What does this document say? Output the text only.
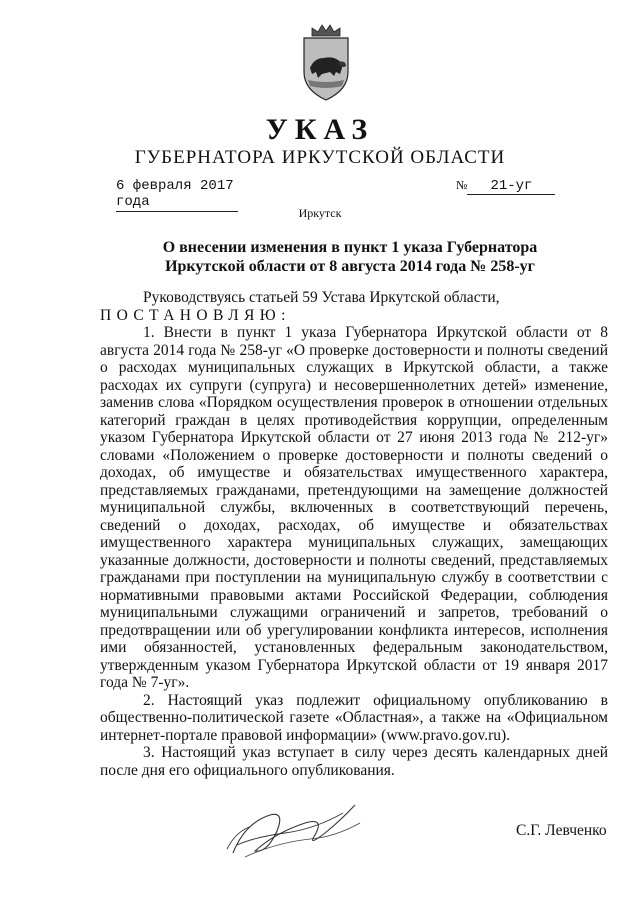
УКАЗ
ГУБЕРНАТОРА ИРКУТСКОЙ ОБЛАСТИ
6 февраля 2017 года
№ 21-уг
Иркутск
О внесении изменения в пункт 1 указа Губернатора Иркутской области от 8 августа 2014 года № 258-уг

Руководствуясь статьей 59 Устава Иркутской области,

ПОСТАНОВЛЯЮ:

1. Внести в пункт 1 указа Губернатора Иркутской области от 8 августа 2014 года № 258-уг «О проверке достоверности и полноты сведений о расходах муниципальных служащих в Иркутской области, а также расходах их супруги (супруга) и несовершеннолетних детей» изменение, заменив слова «Порядком осуществления проверок в отношении отдельных категорий граждан в целях противодействия коррупции, определенным указом Губернатора Иркутской области от 27 июня 2013 года № 212-уг» словами «Положением о проверке достоверности и полноты сведений о доходах, об имуществе и обязательствах имущественного характера, представляемых гражданами, претендующими на замещение должностей муниципальной службы, включенных в соответствующий перечень, сведений о доходах, расходах, об имуществе и обязательствах имущественного характера муниципальных служащих, замещающих указанные должности, достоверности и полноты сведений, представляемых гражданами при поступлении на муниципальную службу в соответствии с нормативными правовыми актами Российской Федерации, соблюдения муниципальными служащими ограничений и запретов, требований о предотвращении или об урегулировании конфликта интересов, исполнения ими обязанностей, установленных федеральным законодательством, утвержденным указом Губернатора Иркутской области от 19 января 2017 года № 7-уг».

2. Настоящий указ подлежит официальному опубликованию в общественно-политической газете «Областная», а также на «Официальном интернет-портале правовой информации» (www.pravo.gov.ru).

3. Настоящий указ вступает в силу через десять календарных дней после дня его официального опубликования.

С.Г. Левченко
